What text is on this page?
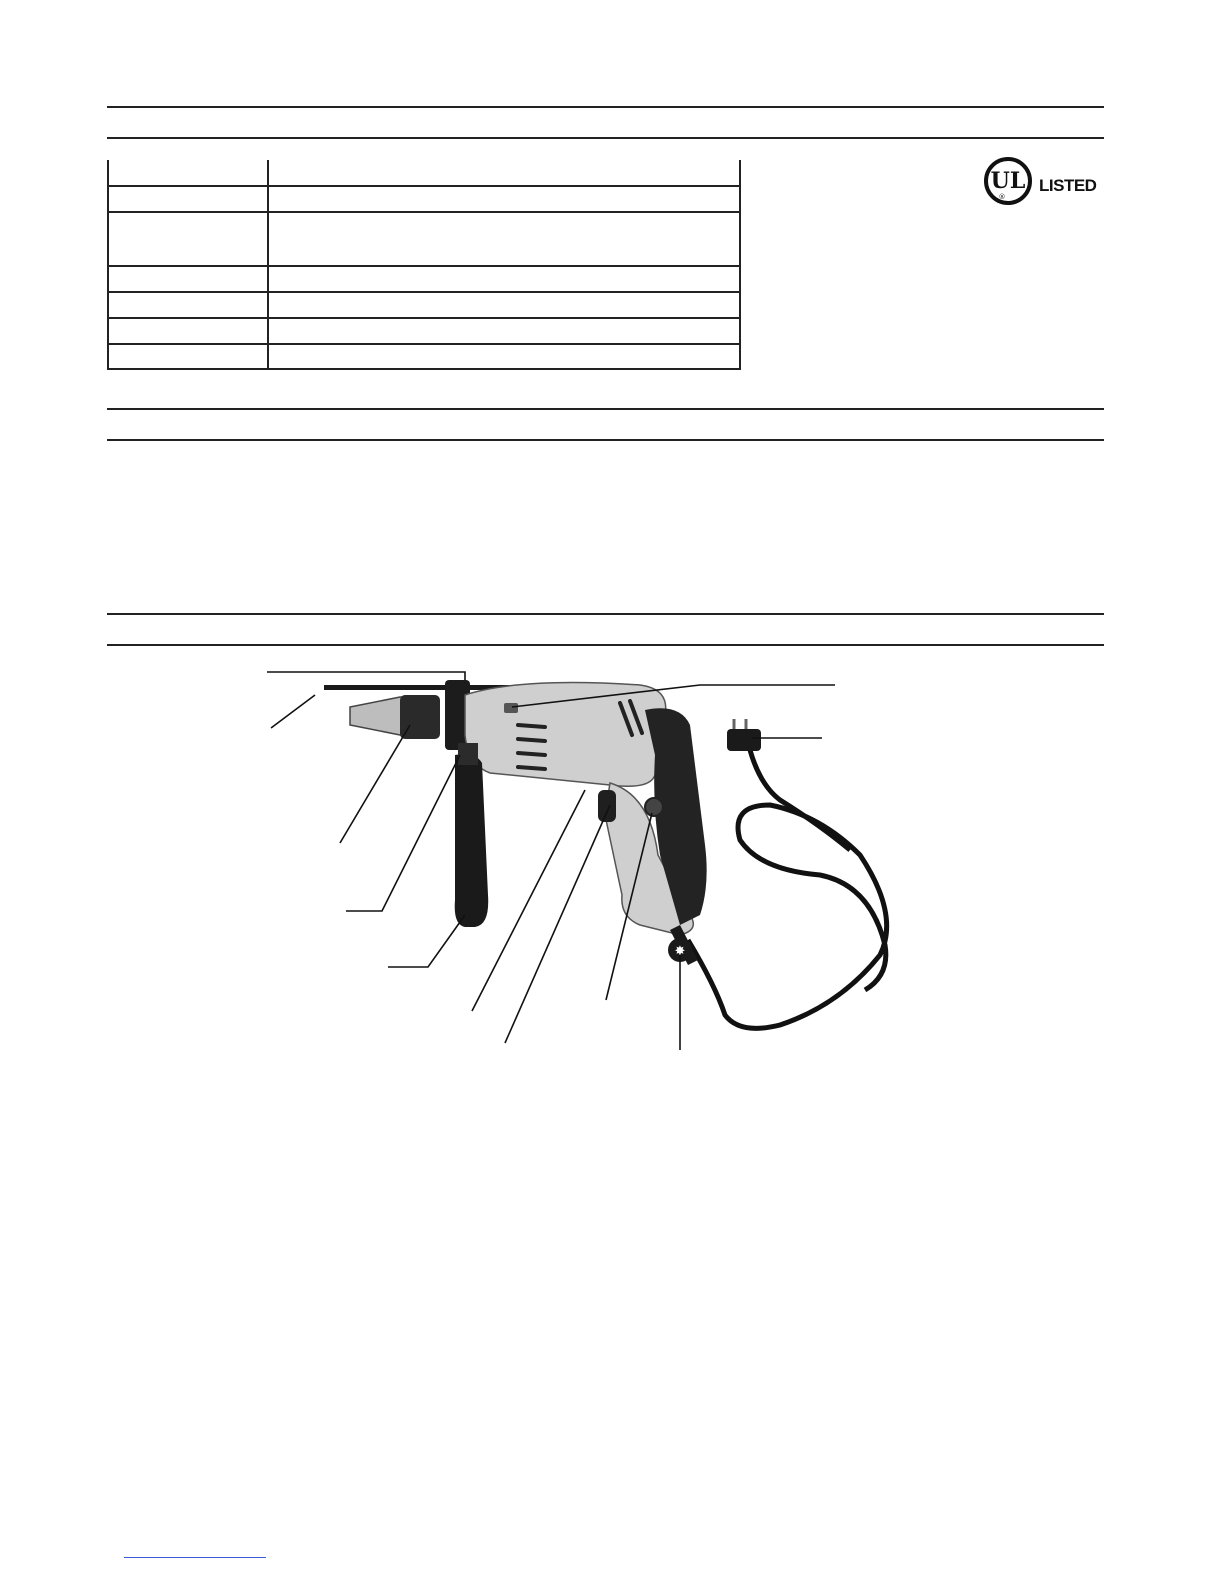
UL
®
LISTED
✸
